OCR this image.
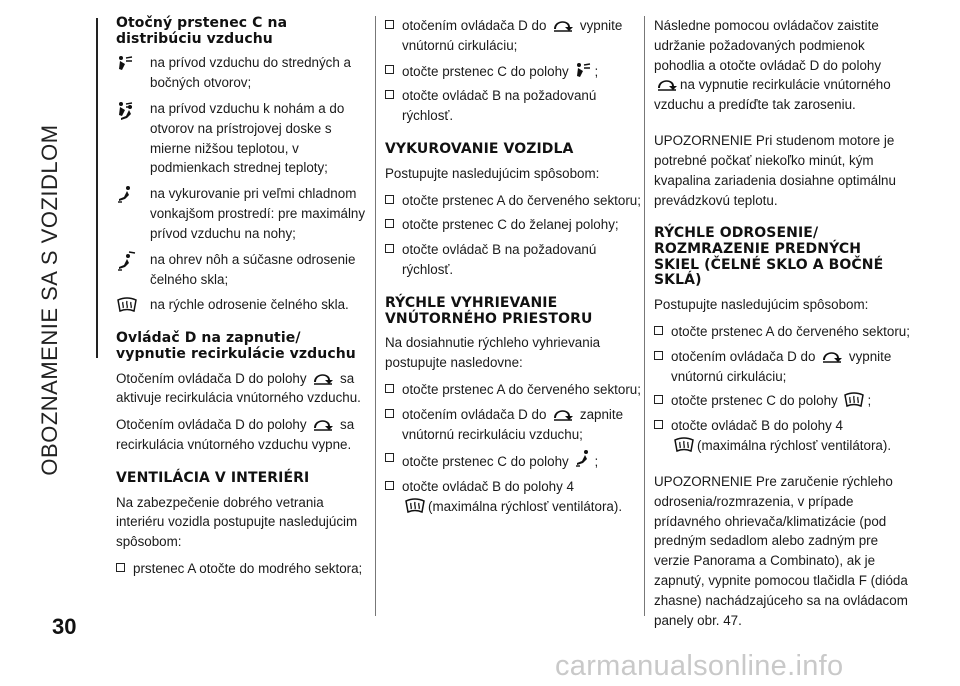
OBOZNAMENIE SA S VOZIDLOM
30
Otočný prstenec C na distribúciu vzduchu
na prívod vzduchu do stredných a bočných otvorov;
na prívod vzduchu k nohám a do otvorov na prístrojovej doske s mierne nižšou teplotou, v podmienkach strednej teploty;
na vykurovanie pri veľmi chladnom vonkajšom prostredí: pre maximálny prívod vzduchu na nohy;
na ohrev nôh a súčasne odrosenie čelného skla;
na rýchle odrosenie čelného skla.
Ovládač D na zapnutie/ vypnutie recirkulácie vzduchu

Otočením ovládača D do polohy sa aktivuje recirkulácia vnútorného vzduchu.

Otočením ovládača D do polohy sa recirkulácia vnútorného vzduchu vypne.

VENTILÁCIA V INTERIÉRI

Na zabezpečenie dobrého vetrania interiéru vozidla postupujte nasledujúcim spôsobom:

prstenec A otočte do modrého sektora;
otočením ovládača D do vypnite vnútornú cirkuláciu;
otočte prstenec C do polohy ;
otočte ovládač B na požadovanú rýchlosť.
VYKUROVANIE VOZIDLA

Postupujte nasledujúcim spôsobom:

otočte prstenec A do červeného sektoru;
otočte prstenec C do želanej polohy;
otočte ovládač B na požadovanú rýchlosť.
RÝCHLE VYHRIEVANIE VNÚTORNÉHO PRIESTORU

Na dosiahnutie rýchleho vyhrievania postupujte nasledovne:

otočte prstenec A do červeného sektoru;
otočením ovládača D do zapnite vnútornú recirkuláciu vzduchu;
otočte prstenec C do polohy ;
otočte ovládač B do polohy 4

(maximálna rýchlosť ventilátora).

Následne pomocou ovládačov zaistite udržanie požadovaných podmienok pohodlia a otočte ovládač D do polohy
na vypnutie recirkulácie vnútorného vzduchu a predíďte tak zaroseniu.

UPOZORNENIE Pri studenom motore je potrebné počkať niekoľko minút, kým kvapalina zariadenia dosiahne optimálnu prevádzkovú teplotu.

RÝCHLE ODROSENIE/ ROZMRAZENIE PREDNÝCH SKIEL (ČELNÉ SKLO A BOČNÉ SKLÁ)

Postupujte nasledujúcim spôsobom:

otočte prstenec A do červeného sektoru;
otočením ovládača D do vypnite vnútornú cirkuláciu;
otočte prstenec C do polohy ;
otočte ovládač B do polohy 4

(maximálna rýchlosť ventilátora).

UPOZORNENIE Pre zaručenie rýchleho odrosenia/rozmrazenia, v prípade prídavného ohrievača/klimatizácie (pod predným sedadlom alebo zadným pre verzie Panorama a Combinato), ak je zapnutý, vypnite pomocou tlačidla F (dióda zhasne) nachádzajúceho sa na ovládacom panely obr. 47.

carmanualsonline.info
